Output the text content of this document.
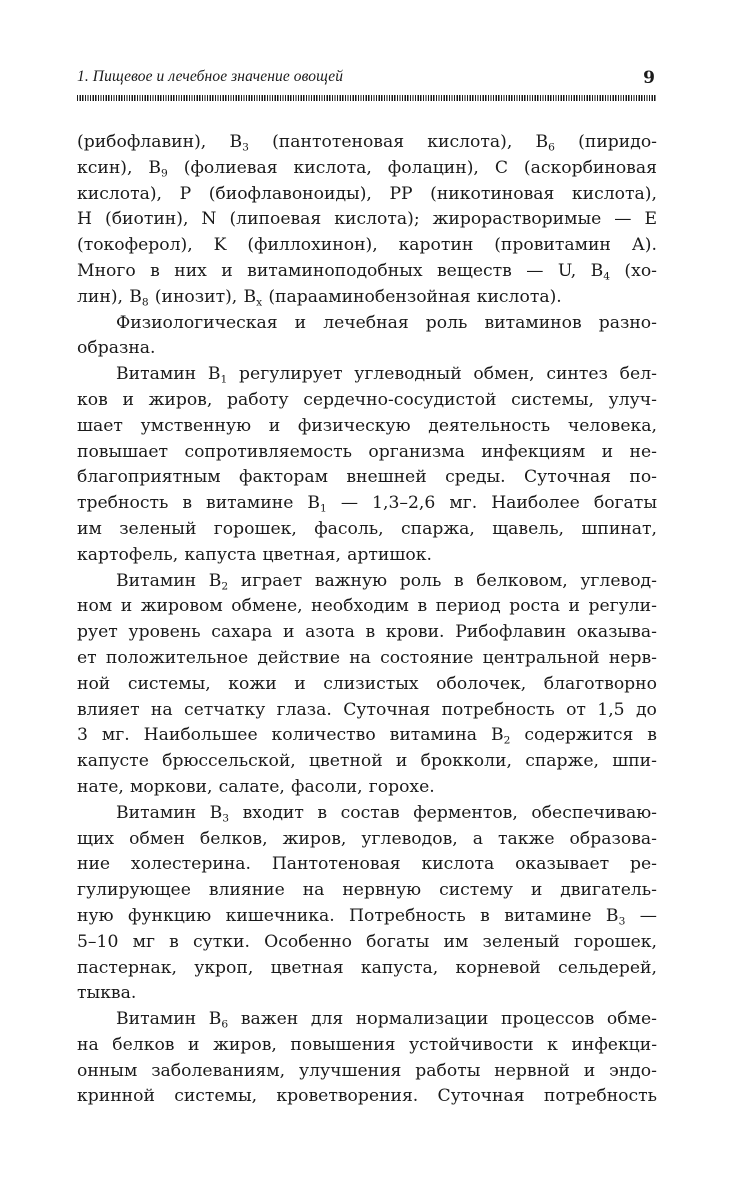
1. Пищевое и лечебное значение овощей	9
(рибофлавин), $B_3$ (пантотеновая кислота), $B_6$ (пиридо-
ксин), $B_9$ (фолиевая кислота, фолацин), C (аскорбиновая
кислота), P (биофлавоноиды), PP (никотиновая кислота),
H (биотин), N (липоевая кислота); жирорастворимые — E
(токоферол), K (филлохинон), каротин (провитамин А).
Много в них и витаминоподобных веществ — U, $B_4$ (хо-
лин), $B_8$ (инозит), $B_x$ (парааминобензойная кислота).
Физиологическая и лечебная роль витаминов разно-
образна.
Витамин $B_1$ регулирует углеводный обмен, синтез бел-
ков и жиров, работу сердечно-сосудистой системы, улуч-
шает умственную и физическую деятельность человека,
повышает сопротивляемость организма инфекциям и не-
благоприятным факторам внешней среды. Суточная по-
требность в витамине $B_1$ — 1,3–2,6 мг. Наиболее богаты
им зеленый горошек, фасоль, спаржа, щавель, шпинат,
картофель, капуста цветная, артишок.
Витамин $B_2$ играет важную роль в белковом, углевод-
ном и жировом обмене, необходим в период роста и регули-
рует уровень сахара и азота в крови. Рибофлавин оказыва-
ет положительное действие на состояние центральной нерв-
ной системы, кожи и слизистых оболочек, благотворно
влияет на сетчатку глаза. Суточная потребность от 1,5 до
3 мг. Наибольшее количество витамина $B_2$ содержится в
капусте брюссельской, цветной и брокколи, спарже, шпи-
нате, моркови, салате, фасоли, горохе.
Витамин $B_3$ входит в состав ферментов, обеспечиваю-
щих обмен белков, жиров, углеводов, а также образова-
ние холестерина. Пантотеновая кислота оказывает ре-
гулирующее влияние на нервную систему и двигатель-
ную функцию кишечника. Потребность в витамине $B_3$ —
5–10 мг в сутки. Особенно богаты им зеленый горошек,
пастернак, укроп, цветная капуста, корневой сельдерей,
тыква.
Витамин $B_6$ важен для нормализации процессов обме-
на белков и жиров, повышения устойчивости к инфекци-
онным заболеваниям, улучшения работы нервной и эндо-
кринной системы, кроветворения. Суточная потребность
